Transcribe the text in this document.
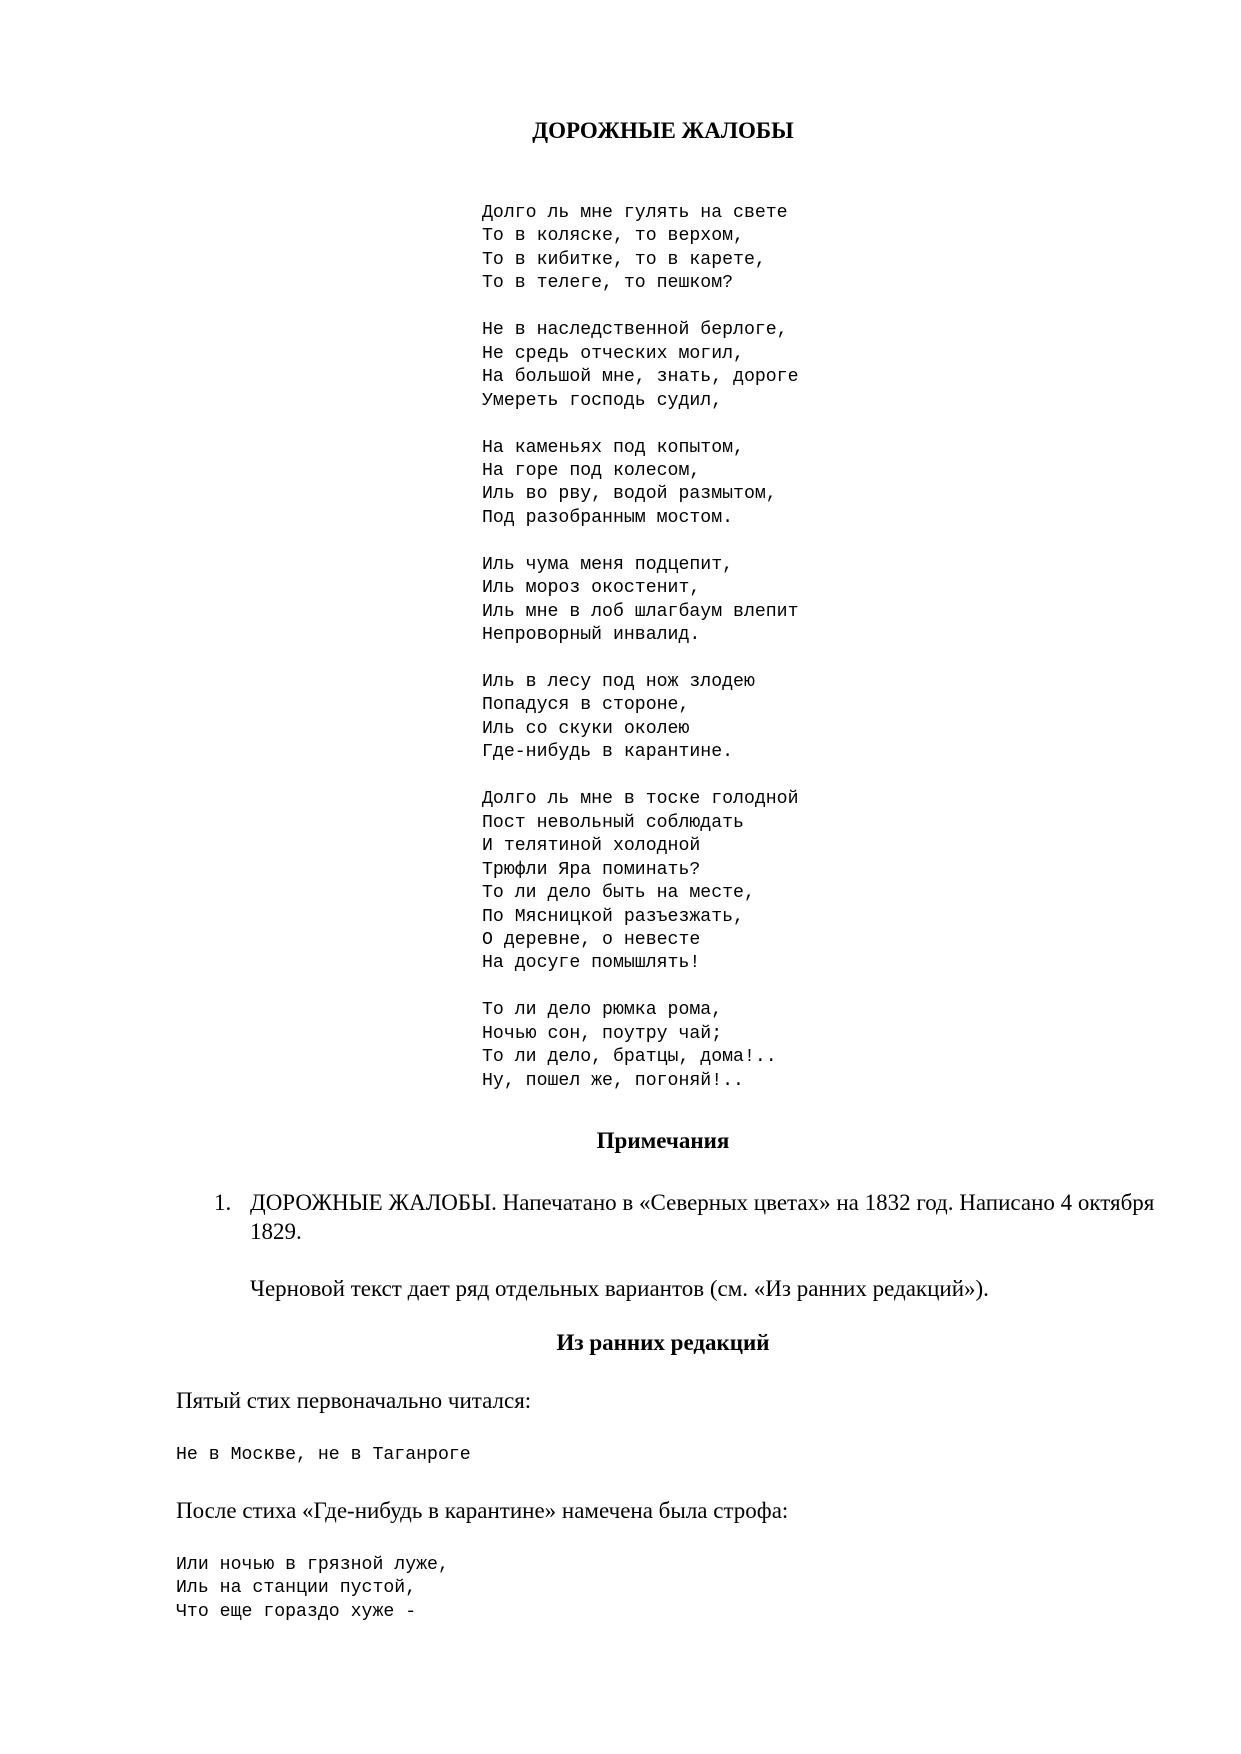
ДОРОЖНЫЕ ЖАЛОБЫ
Долго ль мне гулять на свете
То в коляске, то верхом,
То в кибитке, то в карете,
То в телеге, то пешком?
Не в наследственной берлоге,
Не средь отческих могил,
На большой мне, знать, дороге
Умереть господь судил,
На каменьях под копытом,
На горе под колесом,
Иль во рву, водой размытом,
Под разобранным мостом.
Иль чума меня подцепит,
Иль мороз окостенит,
Иль мне в лоб шлагбаум влепит
Непроворный инвалид.
Иль в лесу под нож злодею
Попадуся в стороне,
Иль со скуки околею
Где-нибудь в карантине.
Долго ль мне в тоске голодной
Пост невольный соблюдать
И телятиной холодной
Трюфли Яра поминать?
То ли дело быть на месте,
По Мясницкой разъезжать,
О деревне, о невесте
На досуге помышлять!
То ли дело рюмка рома,
Ночью сон, поутру чай;
То ли дело, братцы, дома!..
Ну, пошел же, погоняй!..
Примечания
1. ДОРОЖНЫЕ ЖАЛОБЫ. Напечатано в «Северных цветах» на 1832 год. Написано 4 октября 1829.
Черновой текст дает ряд отдельных вариантов (см. «Из ранних редакций»).
Из ранних редакций

Пятый стих первоначально читался:

Не в Москве, не в Таганроге

После стиха «Где-нибудь в карантине» намечена была строфа:

Или ночью в грязной луже,
Иль на станции пустой,
Что еще гораздо хуже -
